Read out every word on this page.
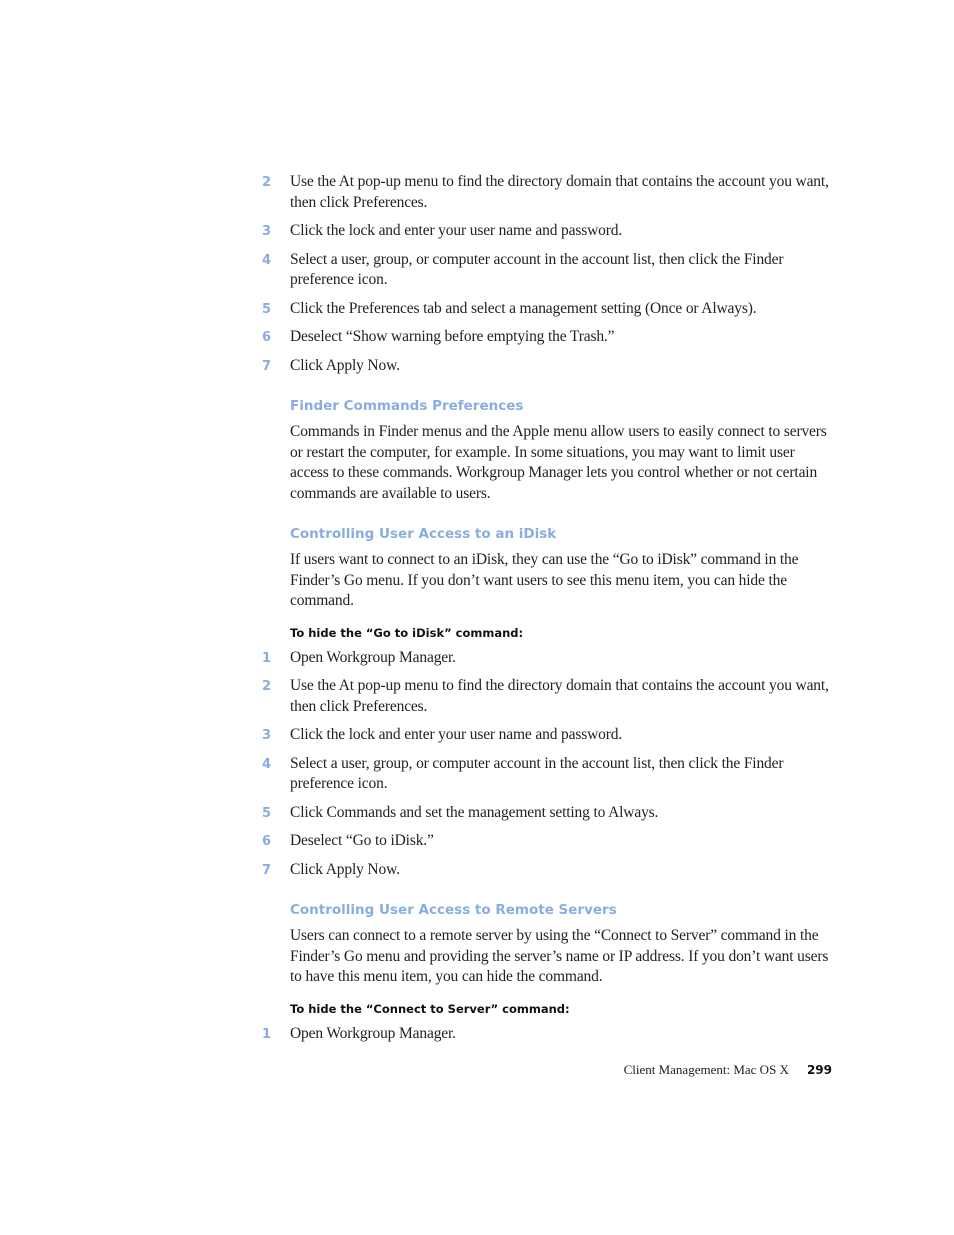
2 Use the At pop-up menu to find the directory domain that contains the account you want, then click Preferences.
3 Click the lock and enter your user name and password.
4 Select a user, group, or computer account in the account list, then click the Finder preference icon.
5 Click the Preferences tab and select a management setting (Once or Always).
6 Deselect “Show warning before emptying the Trash.”
7 Click Apply Now.
Finder Commands Preferences
Commands in Finder menus and the Apple menu allow users to easily connect to servers or restart the computer, for example. In some situations, you may want to limit user access to these commands. Workgroup Manager lets you control whether or not certain commands are available to users.
Controlling User Access to an iDisk
If users want to connect to an iDisk, they can use the “Go to iDisk” command in the Finder’s Go menu. If you don’t want users to see this menu item, you can hide the command.
To hide the “Go to iDisk” command:
1 Open Workgroup Manager.
2 Use the At pop-up menu to find the directory domain that contains the account you want, then click Preferences.
3 Click the lock and enter your user name and password.
4 Select a user, group, or computer account in the account list, then click the Finder preference icon.
5 Click Commands and set the management setting to Always.
6 Deselect “Go to iDisk.”
7 Click Apply Now.
Controlling User Access to Remote Servers
Users can connect to a remote server by using the “Connect to Server” command in the Finder’s Go menu and providing the server’s name or IP address. If you don’t want users to have this menu item, you can hide the command.
To hide the “Connect to Server” command:
1 Open Workgroup Manager.
Client Management: Mac OS X 299
